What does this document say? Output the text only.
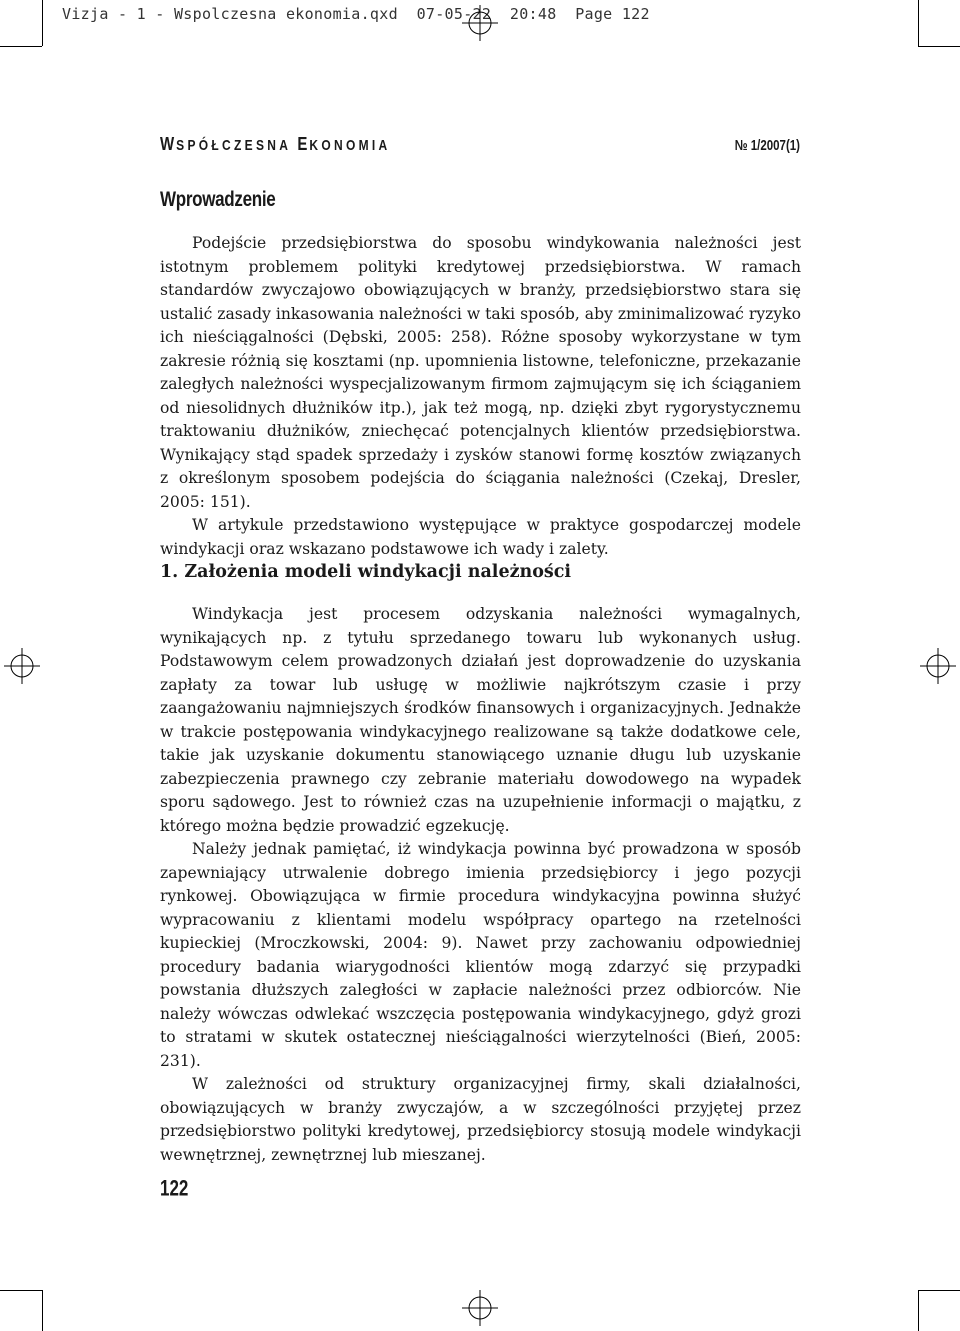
Vizja - 1 - Wspolczesna ekonomia.qxd  07-05-22  20:48  Page 122
WSPÓŁCZESNA EKONOMIA	№ 1/2007(1)
Wprowadzenie

Podejście przedsiębiorstwa do sposobu windykowania należności jest istotnym problemem polityki kredytowej przedsiębiorstwa. W ramach standardów zwyczajowo obowiązujących w branży, przedsiębiorstwo stara się ustalić zasady inkasowania należności w taki sposób, aby zminimalizować ryzyko ich nieściągalności (Dębski, 2005: 258). Różne sposoby wykorzystane w tym zakresie różnią się kosztami (np. upomnienia listowne, telefoniczne, przekazanie zaległych należności wyspecjalizowanym firmom zajmującym się ich ściąganiem od niesolidnych dłużników itp.), jak też mogą, np. dzięki zbyt rygorystycznemu traktowaniu dłużników, zniechęcać potencjalnych klientów przedsiębiorstwa. Wynikający stąd spadek sprzedaży i zysków stanowi formę kosztów związanych z określonym sposobem podejścia do ściągania należności (Czekaj, Dresler, 2005: 151).

W artykule przedstawiono występujące w praktyce gospodarczej modele windykacji oraz wskazano podstawowe ich wady i zalety.

1. Założenia modeli windykacji należności

Windykacja jest procesem odzyskania należności wymagalnych, wynikających np. z tytułu sprzedanego towaru lub wykonanych usług. Podstawowym celem prowadzonych działań jest doprowadzenie do uzyskania zapłaty za towar lub usługę w możliwie najkrótszym czasie i przy zaangażowaniu najmniejszych środków finansowych i organizacyjnych. Jednakże w trakcie postępowania windykacyjnego realizowane są także dodatkowe cele, takie jak uzyskanie dokumentu stanowiącego uznanie długu lub uzyskanie zabezpieczenia prawnego czy zebranie materiału dowodowego na wypadek sporu sądowego. Jest to również czas na uzupełnienie informacji o majątku, z którego można będzie prowadzić egzekucję.

Należy jednak pamiętać, iż windykacja powinna być prowadzona w sposób zapewniający utrwalenie dobrego imienia przedsiębiorcy i jego pozycji rynkowej. Obowiązująca w firmie procedura windykacyjna powinna służyć wypracowaniu z klientami modelu współpracy opartego na rzetelności kupieckiej (Mroczkowski, 2004: 9). Nawet przy zachowaniu odpowiedniej procedury badania wiarygodności klientów mogą zdarzyć się przypadki powstania dłuższych zaległości w zapłacie należności przez odbiorców. Nie należy wówczas odwlekać wszczęcia postępowania windykacyjnego, gdyż grozi to stratami w skutek ostatecznej nieściągalności wierzytelności (Bień, 2005: 231).

W zależności od struktury organizacyjnej firmy, skali działalności, obowiązujących w branży zwyczajów, a w szczególności przyjętej przez przedsiębiorstwo polityki kredytowej, przedsiębiorcy stosują modele windykacji wewnętrznej, zewnętrznej lub mieszanej.

122
